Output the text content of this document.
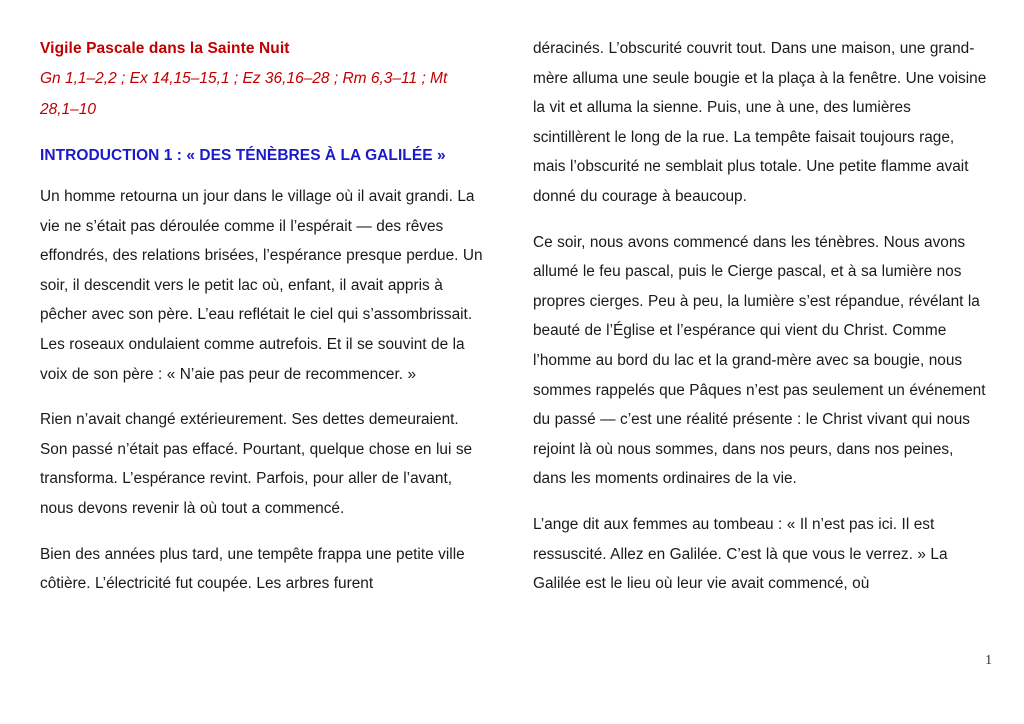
Vigile Pascale dans la Sainte Nuit

Gn 1,1–2,2 ; Ex 14,15–15,1 ; Ez 36,16–28 ; Rm 6,3–11 ; Mt 28,1–10

INTRODUCTION 1 : « DES TÉNÈBRES À LA GALILÉE »

Un homme retourna un jour dans le village où il avait grandi. La vie ne s’était pas déroulée comme il l’espérait — des rêves effondrés, des relations brisées, l’espérance presque perdue. Un soir, il descendit vers le petit lac où, enfant, il avait appris à pêcher avec son père. L’eau reflétait le ciel qui s’assombrissait. Les roseaux ondulaient comme autrefois. Et il se souvint de la voix de son père : « N’aie pas peur de recommencer. »

Rien n’avait changé extérieurement. Ses dettes demeuraient. Son passé n’était pas effacé. Pourtant, quelque chose en lui se transforma. L’espérance revint. Parfois, pour aller de l’avant, nous devons revenir là où tout a commencé.

Bien des années plus tard, une tempête frappa une petite ville côtière. L’électricité fut coupée. Les arbres furent

déracinés. L’obscurité couvrit tout. Dans une maison, une grand-mère alluma une seule bougie et la plaça à la fenêtre. Une voisine la vit et alluma la sienne. Puis, une à une, des lumières scintillèrent le long de la rue. La tempête faisait toujours rage, mais l’obscurité ne semblait plus totale. Une petite flamme avait donné du courage à beaucoup.

Ce soir, nous avons commencé dans les ténèbres. Nous avons allumé le feu pascal, puis le Cierge pascal, et à sa lumière nos propres cierges. Peu à peu, la lumière s’est répandue, révélant la beauté de l’Église et l’espérance qui vient du Christ. Comme l’homme au bord du lac et la grand-mère avec sa bougie, nous sommes rappelés que Pâques n’est pas seulement un événement du passé — c’est une réalité présente : le Christ vivant qui nous rejoint là où nous sommes, dans nos peurs, dans nos peines, dans les moments ordinaires de la vie.

L’ange dit aux femmes au tombeau : « Il n’est pas ici. Il est ressuscité. Allez en Galilée. C’est là que vous le verrez. » La Galilée est le lieu où leur vie avait commencé, où

1
